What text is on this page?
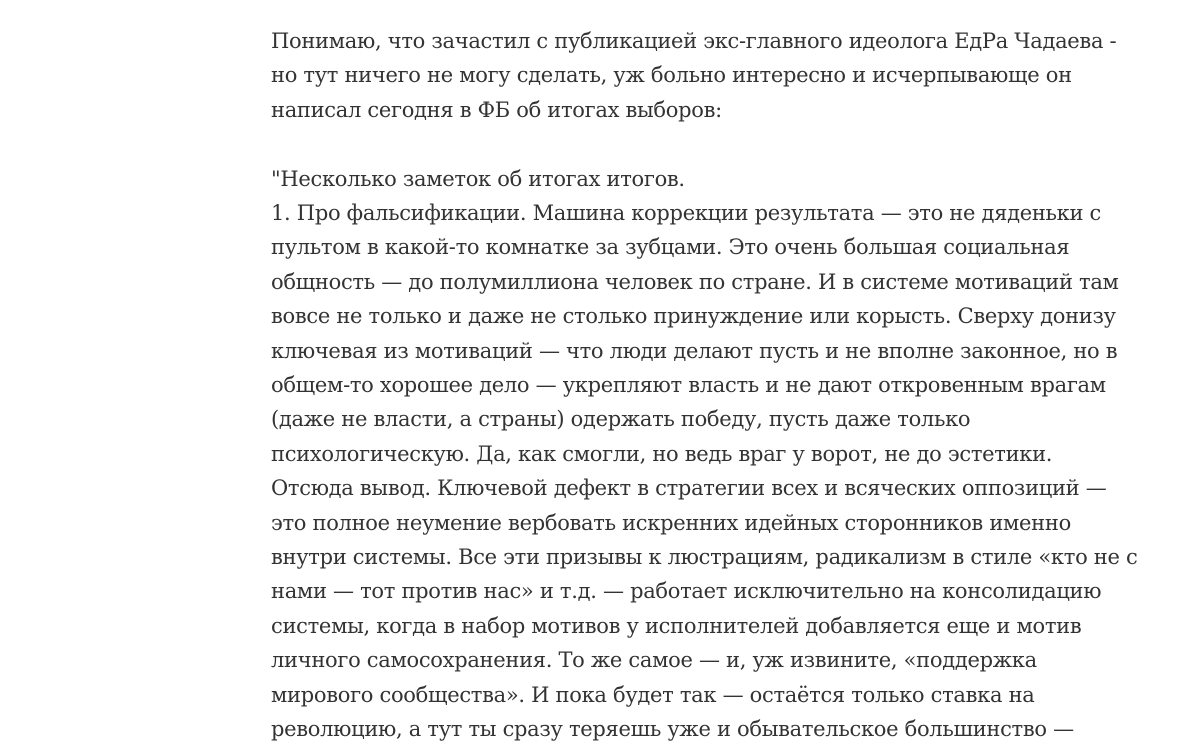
Понимаю, что зачастил с публикацией экс-главного идеолога ЕдРа Чадаева -
но тут ничего не могу сделать, уж больно интересно и исчерпывающе он
написал сегодня в ФБ об итогах выборов:

"Несколько заметок об итогах итогов.
1. Про фальсификации. Машина коррекции результата — это не дяденьки с
пультом в какой-то комнатке за зубцами. Это очень большая социальная
общность — до полумиллиона человек по стране. И в системе мотиваций там
вовсе не только и даже не столько принуждение или корысть. Сверху донизу
ключевая из мотиваций — что люди делают пусть и не вполне законное, но в
общем-то хорошее дело — укрепляют власть и не дают откровенным врагам
(даже не власти, а страны) одержать победу, пусть даже только
психологическую. Да, как смогли, но ведь враг у ворот, не до эстетики.
Отсюда вывод. Ключевой дефект в стратегии всех и всяческих оппозиций —
это полное неумение вербовать искренних идейных сторонников именно
внутри системы. Все эти призывы к люстрациям, радикализм в стиле «кто не с
нами — тот против нас» и т.д. — работает исключительно на консолидацию
системы, когда в набор мотивов у исполнителей добавляется еще и мотив
личного самосохранения. То же самое — и, уж извините, «поддержка
мирового сообщества». И пока будет так — остаётся только ставка на
революцию, а тут ты сразу теряешь уже и обывательское большинство —
